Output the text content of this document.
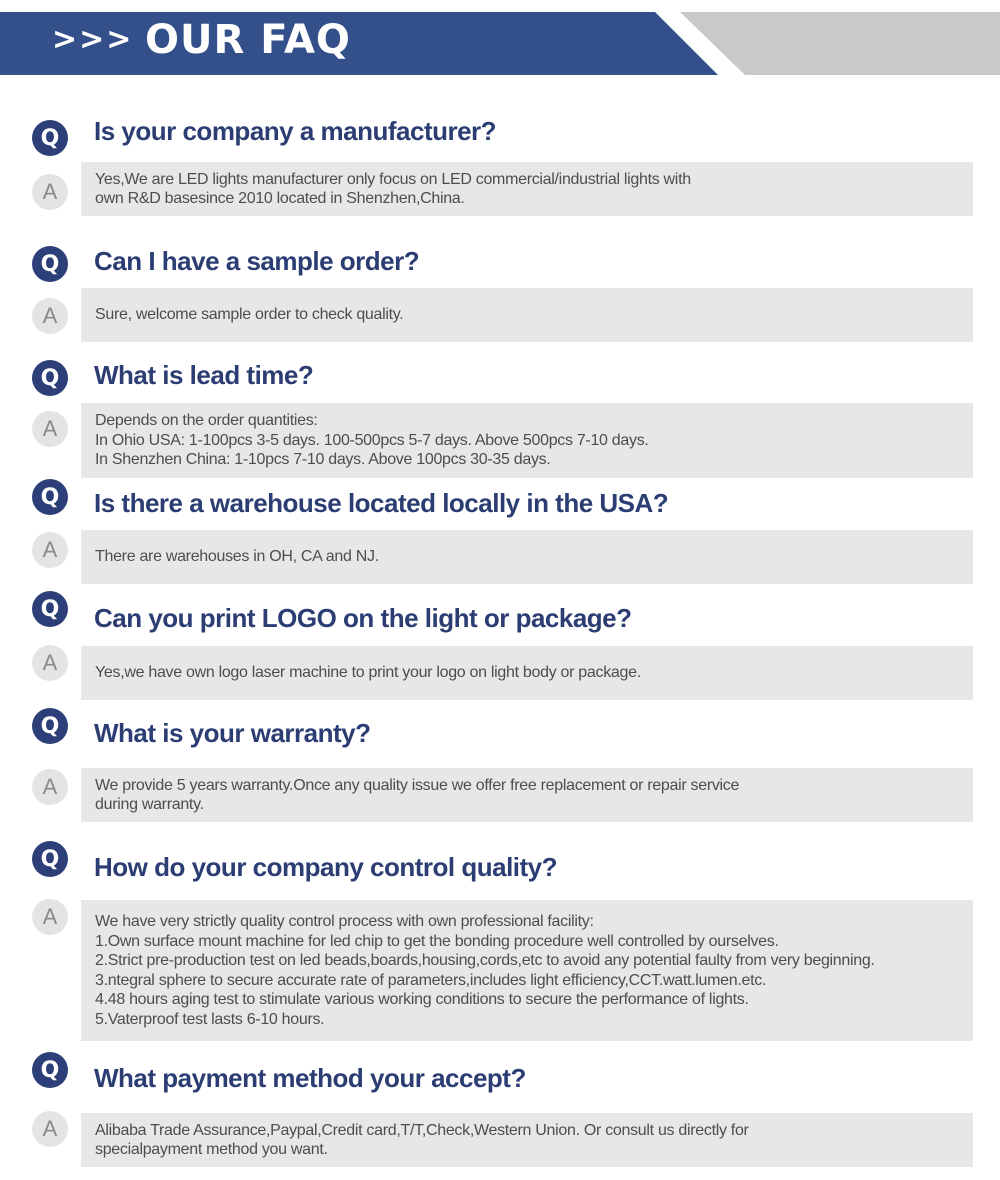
>>> OUR FAQ
Q	Is your company a manufacturer?
A	Yes,We are LED lights manufacturer only focus on LED commercial/industrial lights with
own R&D basesince 2010 located in Shenzhen,China.
Q	Can I have a sample order?
A	Sure, welcome sample order to check quality.
Q	What is lead time?
A	Depends on the order quantities:
In Ohio USA: 1-100pcs 3-5 days. 100-500pcs 5-7 days. Above 500pcs 7-10 days.
In Shenzhen China: 1-10pcs 7-10 days. Above 100pcs 30-35 days.
Q	Is there a warehouse located locally in the USA?
A	There are warehouses in OH, CA and NJ.
Q	Can you print LOGO on the light or package?
A	Yes,we have own logo laser machine to print your logo on light body or package.
Q	What is your warranty?
A	We provide 5 years warranty.Once any quality issue we offer free replacement or repair service
during warranty.
Q	How do your company control quality?
A	We have very strictly quality control process with own professional facility:
1.Own surface mount machine for led chip to get the bonding procedure well controlled by ourselves.
2.Strict pre-production test on led beads,boards,housing,cords,etc to avoid any potential faulty from very beginning.
3.ntegral sphere to secure accurate rate of parameters,includes light efficiency,CCT.watt.lumen.etc.
4.48 hours aging test to stimulate various working conditions to secure the performance of lights.
5.Vaterproof test lasts 6-10 hours.
Q	What payment method your accept?
A	Alibaba Trade Assurance,Paypal,Credit card,T/T,Check,Western Union. Or consult us directly for
specialpayment method you want.
